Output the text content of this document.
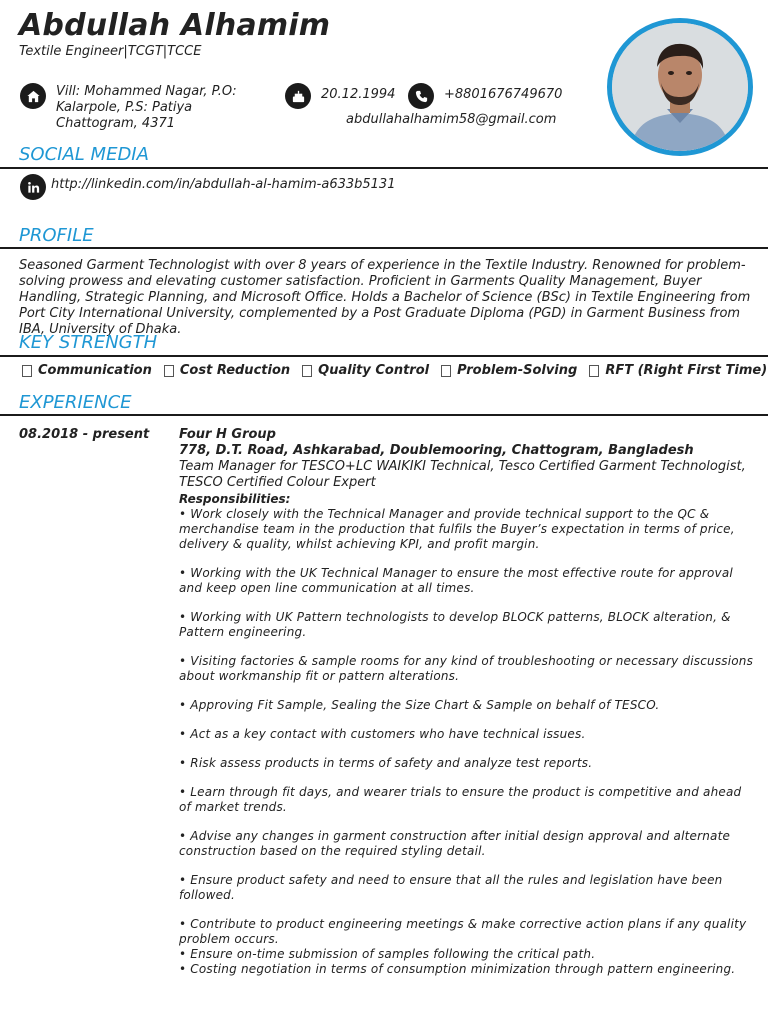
Abdullah Alhamim
Textile Engineer|TCGT|TCCE
Vill: Mohammed Nagar, P.O:
Kalarpole, P.S: Patiya
Chattogram, 4371
20.12.1994	+8801676749670
abdullahalhamim58@gmail.com
SOCIAL MEDIA
http://linkedin.com/in/abdullah-al-hamim-a633b5131
PROFILE
Seasoned Garment Technologist with over 8 years of experience in the Textile Industry. Renowned for problem-solving prowess and elevating customer satisfaction. Proficient in Garments Quality Management, Buyer Handling, Strategic Planning, and Microsoft Office. Holds a Bachelor of Science (BSc) in Textile Engineering from Port City International University, complemented by a Post Graduate Diploma (PGD) in Garment Business from IBA, University of Dhaka.
KEY STRENGTH
Communication Cost Reduction Quality Control Problem-Solving RFT (Right First Time)
EXPERIENCE
08.2018 - present Four H Group
778, D.T. Road, Ashkarabad, Doublemooring, Chattogram, Bangladesh
Team Manager for TESCO+LC WAIKIKI Technical, Tesco Certified Garment Technologist, TESCO Certified Colour Expert
Responsibilities:

• Work closely with the Technical Manager and provide technical support to the QC & merchandise team in the production that fulfils the Buyer’s expectation in terms of price, delivery & quality, whilst achieving KPI, and profit margin.

• Working with the UK Technical Manager to ensure the most effective route for approval and keep open line communication at all times.

• Working with UK Pattern technologists to develop BLOCK patterns, BLOCK alteration, & Pattern engineering.

• Visiting factories & sample rooms for any kind of troubleshooting or necessary discussions about workmanship fit or pattern alterations.

• Approving Fit Sample, Sealing the Size Chart & Sample on behalf of TESCO.

• Act as a key contact with customers who have technical issues.

• Risk assess products in terms of safety and analyze test reports.

• Learn through fit days, and wearer trials to ensure the product is competitive and ahead of market trends.

• Advise any changes in garment construction after initial design approval and alternate construction based on the required styling detail.

• Ensure product safety and need to ensure that all the rules and legislation have been followed.

• Contribute to product engineering meetings & make corrective action plans if any quality problem occurs.

• Ensure on-time submission of samples following the critical path.

• Costing negotiation in terms of consumption minimization through pattern engineering.
